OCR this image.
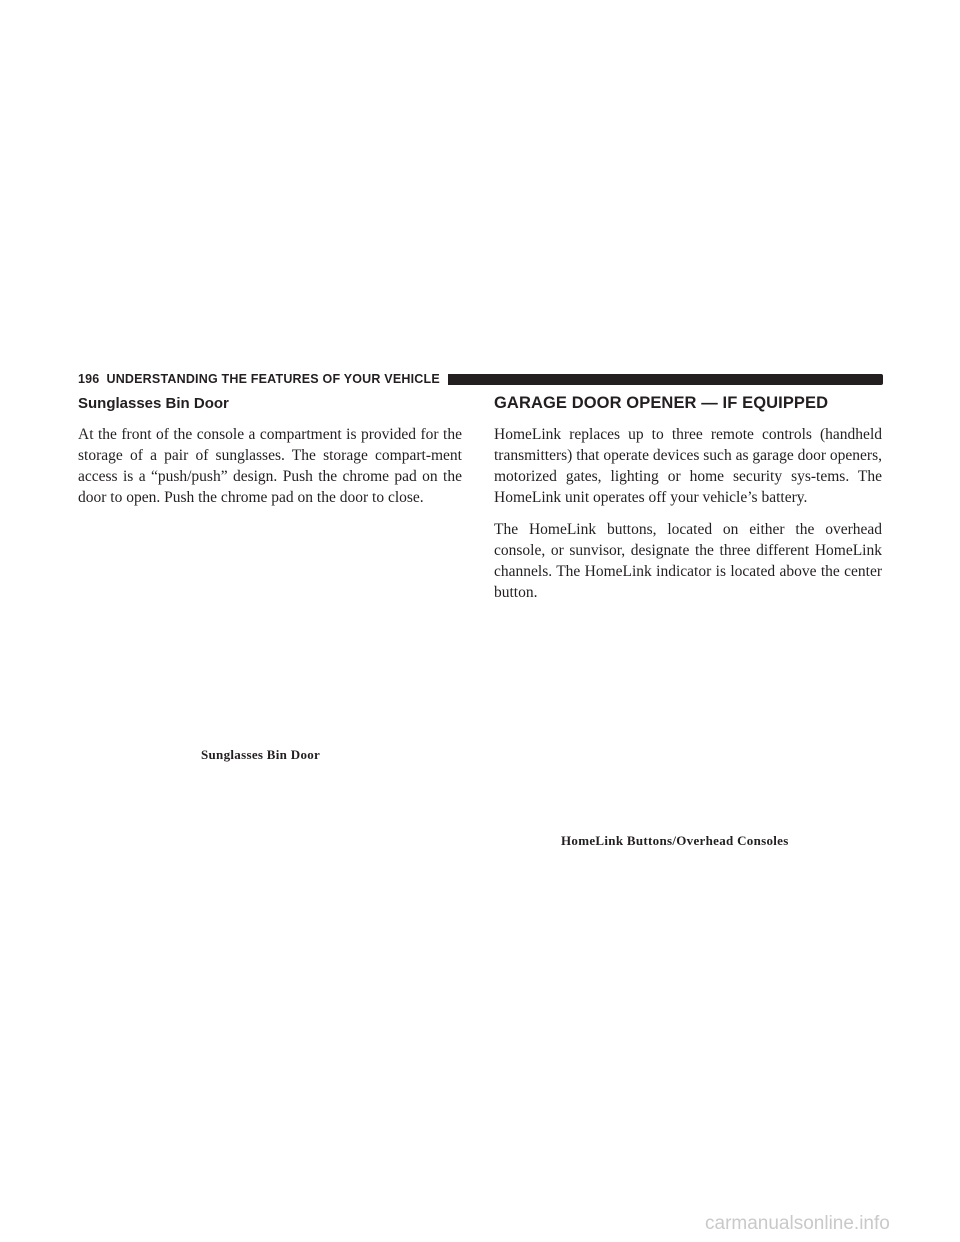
196 UNDERSTANDING THE FEATURES OF YOUR VEHICLE
Sunglasses Bin Door

At the front of the console a compartment is provided for the storage of a pair of sunglasses. The storage compart-ment access is a “push/push” design. Push the chrome pad on the door to open. Push the chrome pad on the door to close.

Sunglasses Bin Door
GARAGE DOOR OPENER — IF EQUIPPED

HomeLink replaces up to three remote controls (handheld transmitters) that operate devices such as garage door openers, motorized gates, lighting or home security sys-tems. The HomeLink unit operates off your vehicle’s battery.

The HomeLink buttons, located on either the overhead console, or sunvisor, designate the three different HomeLink channels. The HomeLink indicator is located above the center button.

HomeLink Buttons/Overhead Consoles
carmanualsonline.info
